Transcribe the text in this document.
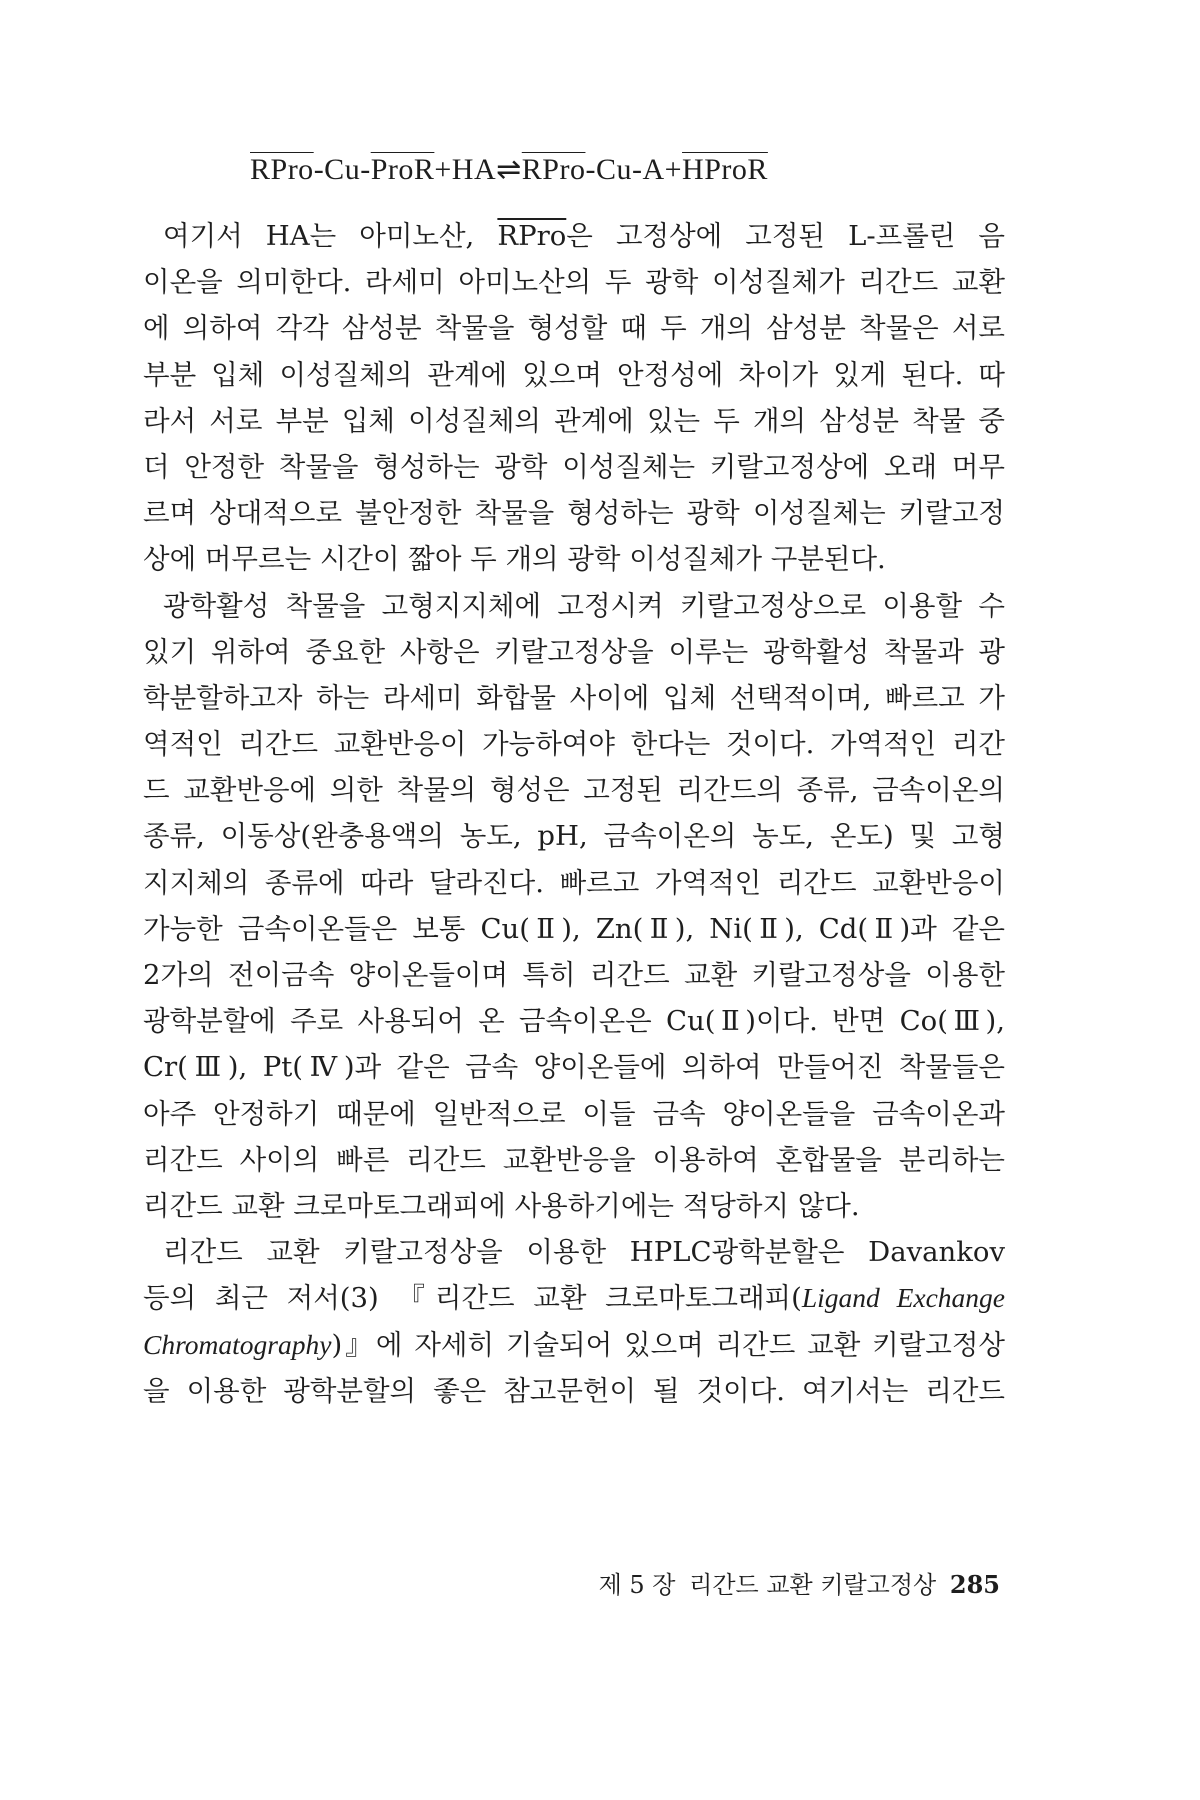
RPro-Cu-ProR+HA⇌RPro-Cu-A+HProR
여기서 HA는 아미노산, RPro은 고정상에 고정된 L-프롤린 음
이온을 의미한다. 라세미 아미노산의 두 광학 이성질체가 리간드 교환
에 의하여 각각 삼성분 착물을 형성할 때 두 개의 삼성분 착물은 서로
부분 입체 이성질체의 관계에 있으며 안정성에 차이가 있게 된다. 따
라서 서로 부분 입체 이성질체의 관계에 있는 두 개의 삼성분 착물 중
더 안정한 착물을 형성하는 광학 이성질체는 키랄고정상에 오래 머무
르며 상대적으로 불안정한 착물을 형성하는 광학 이성질체는 키랄고정
상에 머무르는 시간이 짧아 두 개의 광학 이성질체가 구분된다.
광학활성 착물을 고형지지체에 고정시켜 키랄고정상으로 이용할 수
있기 위하여 중요한 사항은 키랄고정상을 이루는 광학활성 착물과 광
학분할하고자 하는 라세미 화합물 사이에 입체 선택적이며, 빠르고 가
역적인 리간드 교환반응이 가능하여야 한다는 것이다. 가역적인 리간
드 교환반응에 의한 착물의 형성은 고정된 리간드의 종류, 금속이온의
종류, 이동상(완충용액의 농도, pH, 금속이온의 농도, 온도) 및 고형
지지체의 종류에 따라 달라진다. 빠르고 가역적인 리간드 교환반응이
가능한 금속이온들은 보통 Cu(Ⅱ), Zn(Ⅱ), Ni(Ⅱ), Cd(Ⅱ)과 같은
2가의 전이금속 양이온들이며 특히 리간드 교환 키랄고정상을 이용한
광학분할에 주로 사용되어 온 금속이온은 Cu(Ⅱ)이다. 반면 Co(Ⅲ),
Cr(Ⅲ), Pt(Ⅳ)과 같은 금속 양이온들에 의하여 만들어진 착물들은
아주 안정하기 때문에 일반적으로 이들 금속 양이온들을 금속이온과
리간드 사이의 빠른 리간드 교환반응을 이용하여 혼합물을 분리하는
리간드 교환 크로마토그래피에 사용하기에는 적당하지 않다.
리간드 교환 키랄고정상을 이용한 HPLC광학분할은 Davankov
등의 최근 저서(3) 『리간드 교환 크로마토그래피(Ligand Exchange
Chromatography)』에 자세히 기술되어 있으며 리간드 교환 키랄고정상
을 이용한 광학분할의 좋은 참고문헌이 될 것이다. 여기서는 리간드
제 5 장 리간드 교환 키랄고정상 285
